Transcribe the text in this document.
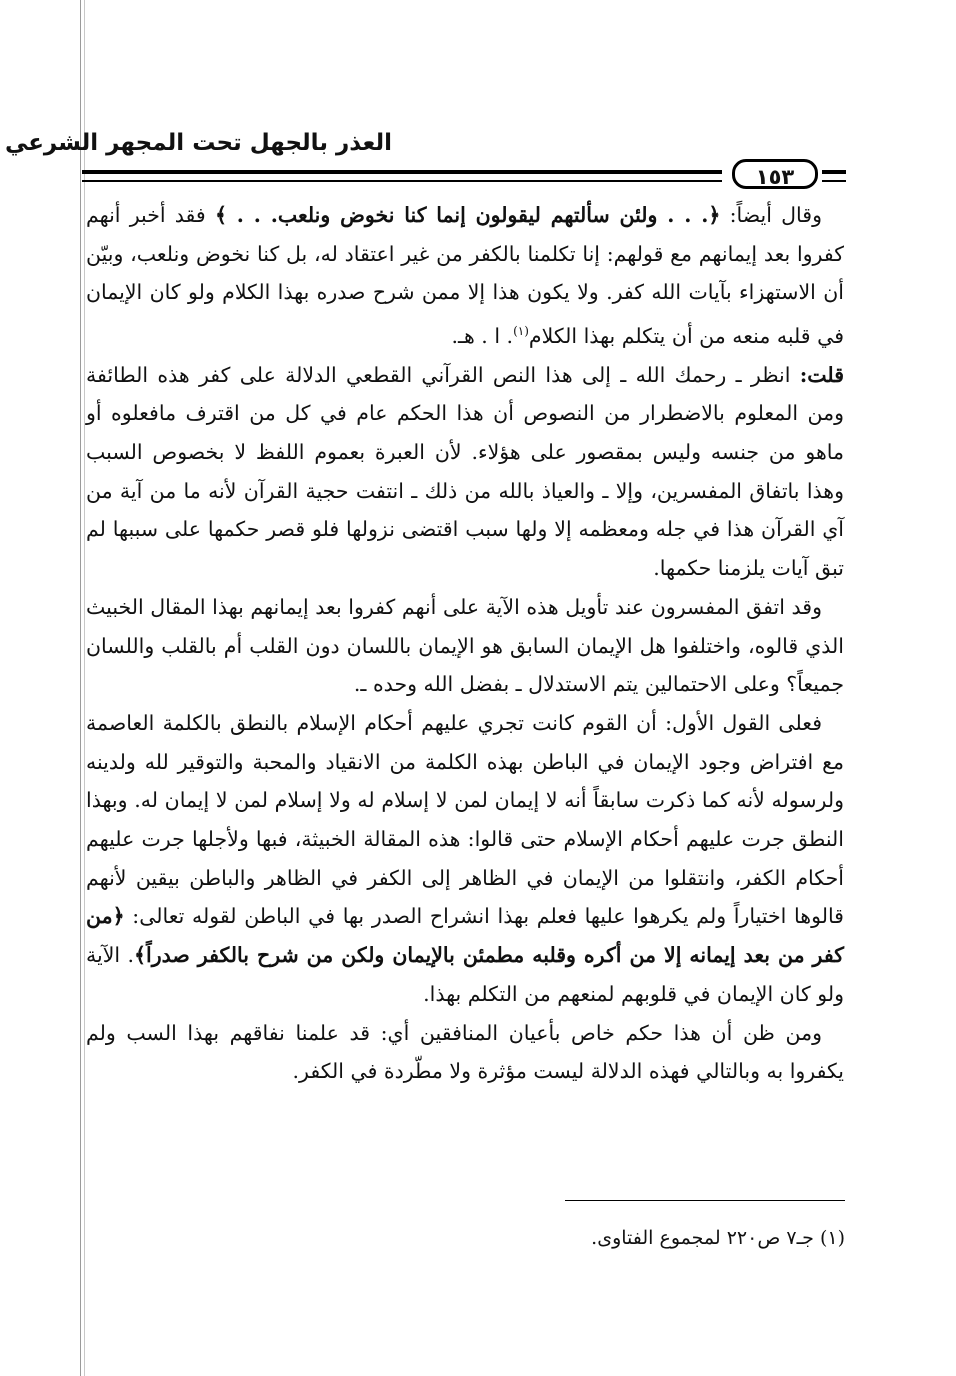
العذر بالجهل تحت المجهر الشرعي
١٥٣

وقال أيضاً: ﴿. . . ولئن سألتهم ليقولون إنما كنا نخوض ونلعب. . . ﴾ فقد أخبر أنهم كفروا بعد إيمانهم مع قولهم: إنا تكلمنا بالكفر من غير اعتقاد له، بل كنا نخوض ونلعب، وبيّن أن الاستهزاء بآيات الله كفر. ولا يكون هذا إلا ممن شرح صدره بهذا الكلام ولو كان الإيمان في قلبه منعه من أن يتكلم بهذا الكلام$^{(١)}$. ا . هـ.

قلت: انظر ـ رحمك الله ـ إلى هذا النص القرآني القطعي الدلالة على كفر هذه الطائفة ومن المعلوم بالاضطرار من النصوص أن هذا الحكم عام في كل من اقترف مافعلوه أو ماهو من جنسه وليس بمقصور على هؤلاء. لأن العبرة بعموم اللفظ لا بخصوص السبب وهذا باتفاق المفسرين، وإلا ـ والعياذ بالله من ذلك ـ انتفت حجية القرآن لأنه ما من آية من آي القرآن هذا في جله ومعظمه إلا ولها سبب اقتضى نزولها فلو قصر حكمها على سببها لم تبق آيات يلزمنا حكمها.

وقد اتفق المفسرون عند تأويل هذه الآية على أنهم كفروا بعد إيمانهم بهذا المقال الخبيث الذي قالوه، واختلفوا هل الإيمان السابق هو الإيمان باللسان دون القلب أم بالقلب واللسان جميعاً؟ وعلى الاحتمالين يتم الاستدلال ـ بفضل الله وحده ـ.

فعلى القول الأول: أن القوم كانت تجري عليهم أحكام الإسلام بالنطق بالكلمة العاصمة مع افتراض وجود الإيمان في الباطن بهذه الكلمة من الانقياد والمحبة والتوقير لله ولدينه ولرسوله لأنه كما ذكرت سابقاً أنه لا إيمان لمن لا إسلام له ولا إسلام لمن لا إيمان له. وبهذا النطق جرت عليهم أحكام الإسلام حتى قالوا: هذه المقالة الخبيثة، فبها ولأجلها جرت عليهم أحكام الكفر، وانتقلوا من الإيمان في الظاهر إلى الكفر في الظاهر والباطن بيقين لأنهم قالوها اختياراً ولم يكرهوا عليها فعلم بهذا انشراح الصدر بها في الباطن لقوله تعالى: ﴿من كفر من بعد إيمانه إلا من أكره وقلبه مطمئن بالإيمان ولكن من شرح بالكفر صدراً﴾. الآية ولو كان الإيمان في قلوبهم لمنعهم من التكلم بهذا.

ومن ظن أن هذا حكم خاص بأعيان المنافقين أي: قد علمنا نفاقهم بهذا السب ولم يكفروا به وبالتالي فهذه الدلالة ليست مؤثرة ولا مطّردة في الكفر.

(١) جـ٧ ص٢٢٠ لمجموع الفتاوى.
